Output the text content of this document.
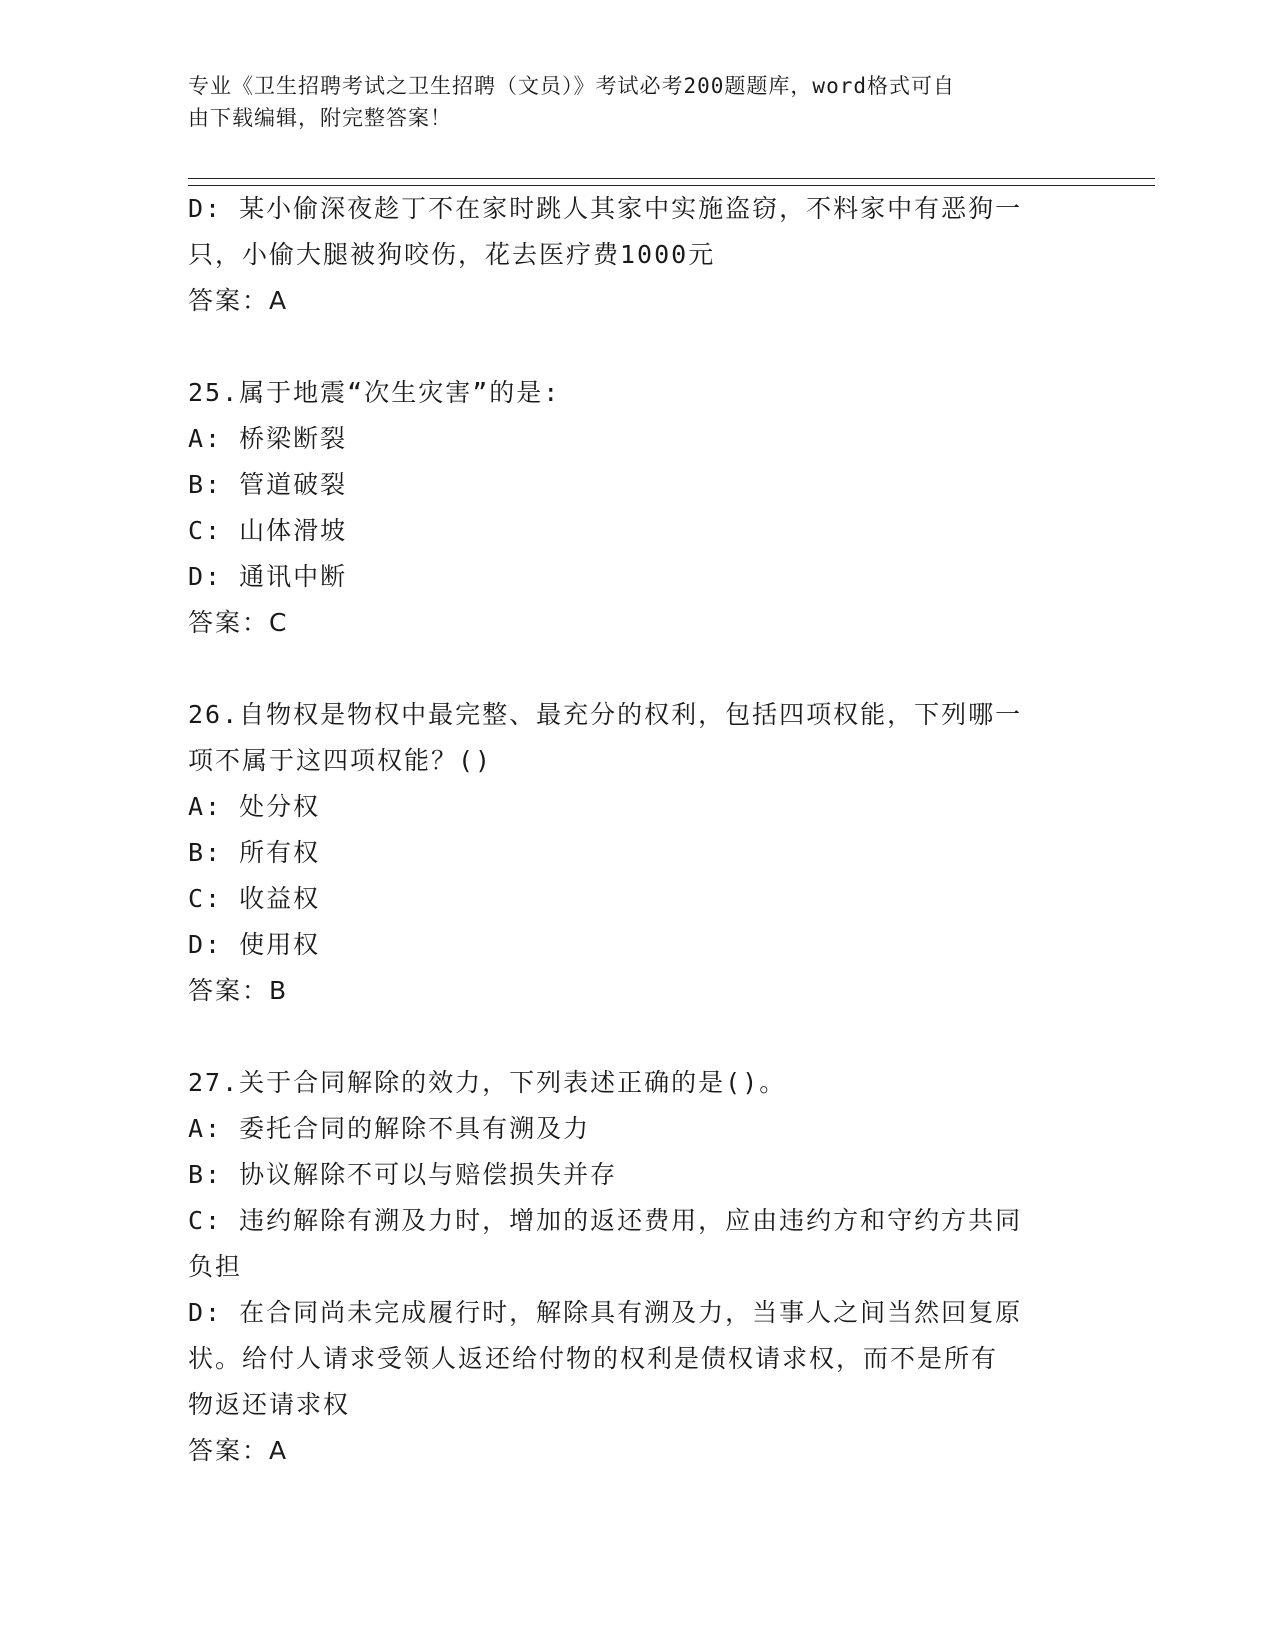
专业《卫生招聘考试之卫生招聘（文员）》考试必考200题题库，word格式可自
由下载编辑，附完整答案！
D: 某小偷深夜趁丁不在家时跳人其家中实施盗窃，不料家中有恶狗一
只，小偷大腿被狗咬伤，花去医疗费1000元
答案：A
25.属于地震“次生灾害”的是:
A: 桥梁断裂
B: 管道破裂
C: 山体滑坡
D: 通讯中断
答案：C
26.自物权是物权中最完整、最充分的权利，包括四项权能，下列哪一
项不属于这四项权能？()
A: 处分权
B: 所有权
C: 收益权
D: 使用权
答案：B
27.关于合同解除的效力，下列表述正确的是()。
A: 委托合同的解除不具有溯及力
B: 协议解除不可以与赔偿损失并存
C: 违约解除有溯及力时，增加的返还费用，应由违约方和守约方共同
负担
D: 在合同尚未完成履行时，解除具有溯及力，当事人之间当然回复原
状。给付人请求受领人返还给付物的权利是债权请求权，而不是所有
物返还请求权
答案：A
